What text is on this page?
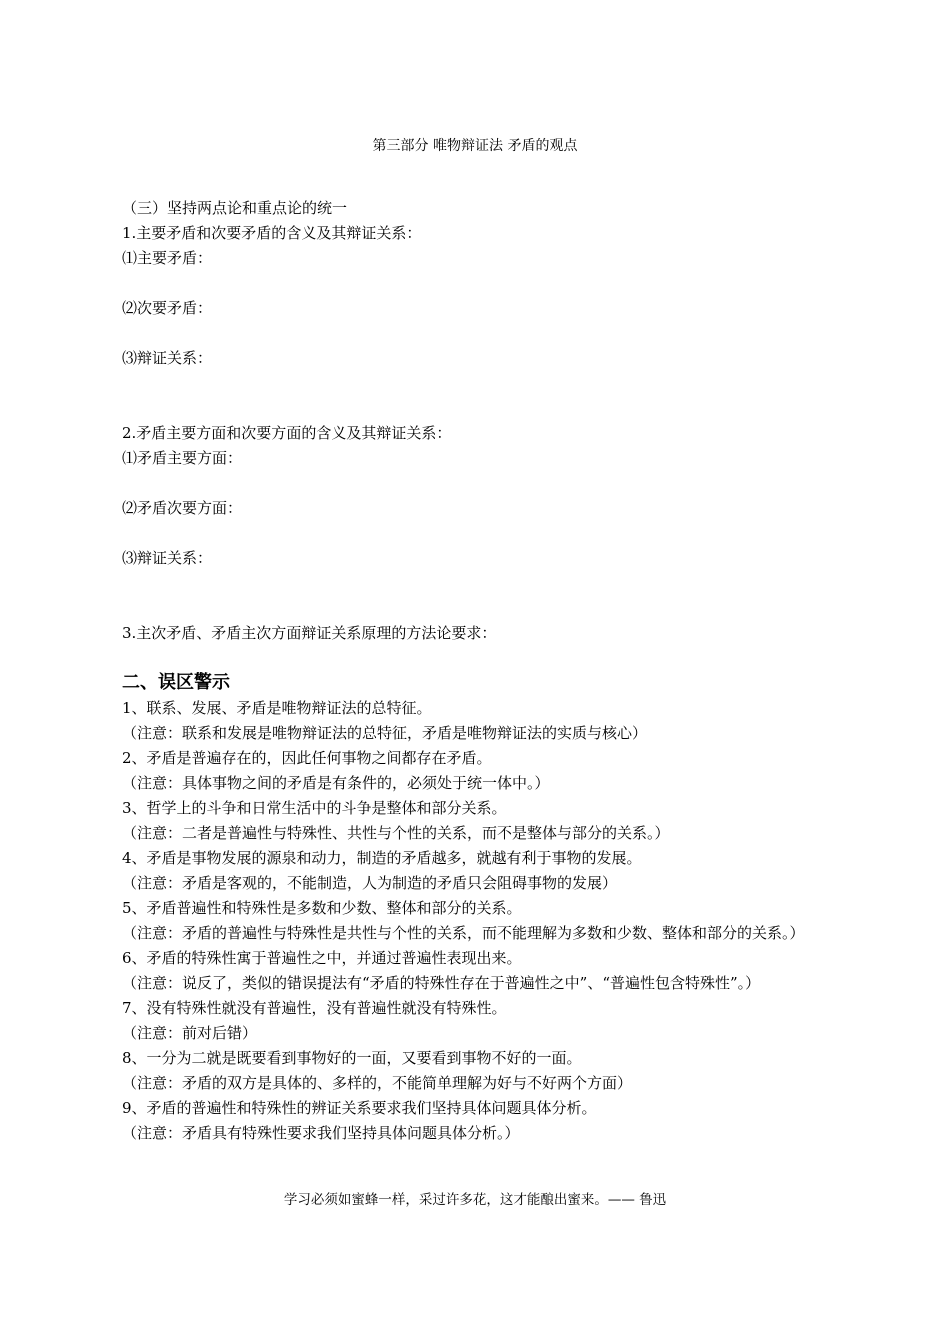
第三部分 唯物辩证法 矛盾的观点
（三）坚持两点论和重点论的统一
1.主要矛盾和次要矛盾的含义及其辩证关系：
⑴主要矛盾：
⑵次要矛盾：
⑶辩证关系：
2.矛盾主要方面和次要方面的含义及其辩证关系：
⑴矛盾主要方面：
⑵矛盾次要方面：
⑶辩证关系：
3.主次矛盾、矛盾主次方面辩证关系原理的方法论要求：
二、误区警示
1、联系、发展、矛盾是唯物辩证法的总特征。
（注意：联系和发展是唯物辩证法的总特征，矛盾是唯物辩证法的实质与核心）
2、矛盾是普遍存在的，因此任何事物之间都存在矛盾。
（注意：具体事物之间的矛盾是有条件的，必须处于统一体中。）
3、哲学上的斗争和日常生活中的斗争是整体和部分关系。
（注意：二者是普遍性与特殊性、共性与个性的关系，而不是整体与部分的关系。）
4、矛盾是事物发展的源泉和动力，制造的矛盾越多，就越有利于事物的发展。
（注意：矛盾是客观的，不能制造，人为制造的矛盾只会阻碍事物的发展）
5、矛盾普遍性和特殊性是多数和少数、整体和部分的关系。
（注意：矛盾的普遍性与特殊性是共性与个性的关系，而不能理解为多数和少数、整体和部分的关系。）
6、矛盾的特殊性寓于普遍性之中，并通过普遍性表现出来。
（注意：说反了，类似的错误提法有“矛盾的特殊性存在于普遍性之中”、“普遍性包含特殊性”。）
7、没有特殊性就没有普遍性，没有普遍性就没有特殊性。
（注意：前对后错）
8、一分为二就是既要看到事物好的一面，又要看到事物不好的一面。
（注意：矛盾的双方是具体的、多样的，不能简单理解为好与不好两个方面）
9、矛盾的普遍性和特殊性的辨证关系要求我们坚持具体问题具体分析。
（注意：矛盾具有特殊性要求我们坚持具体问题具体分析。）
学习必须如蜜蜂一样，采过许多花，这才能酿出蜜来。—— 鲁迅
